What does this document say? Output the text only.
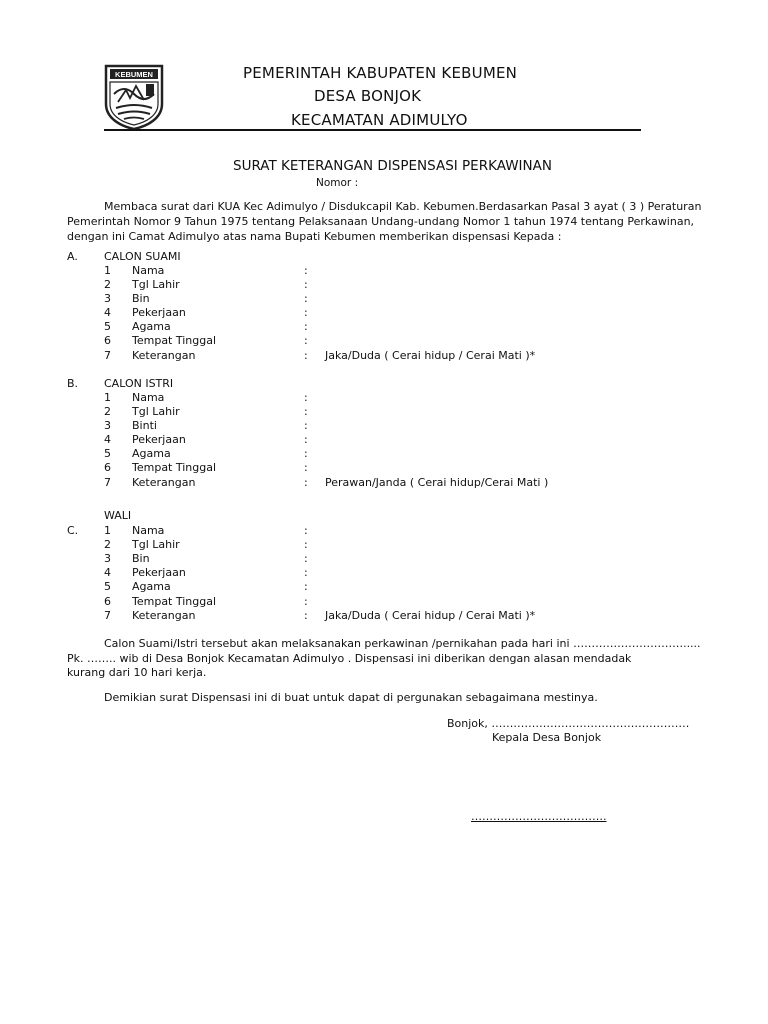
KEBUMEN	PEMERINTAH KABUPATEN KEBUMEN
DESA BONJOK
KECAMATAN ADIMULYO
SURAT KETERANGAN DISPENSASI PERKAWINAN
Nomor :
Membaca surat dari KUA Kec Adimulyo / Disdukcapil Kab. Kebumen.Berdasarkan Pasal 3 ayat ( 3 ) Peraturan
Pemerintah Nomor 9 Tahun 1975 tentang Pelaksanaan Undang-undang Nomor 1 tahun 1974 tentang Perkawinan,
dengan ini Camat Adimulyo atas nama Bupati Kebumen memberikan dispensasi Kepada :
A. CALON SUAMI
1 Nama	:
2 Tgl Lahir	:
3 Bin	:
4 Pekerjaan	:
5 Agama	:
6 Tempat Tinggal	:
7 Keterangan	: Jaka/Duda ( Cerai hidup / Cerai Mati )*
B. CALON ISTRI
1 Nama	:
2 Tgl Lahir	:
3 Binti	:
4 Pekerjaan	:
5 Agama	:
6 Tempat Tinggal	:
7 Keterangan	: Perawan/Janda ( Cerai hidup/Cerai Mati )
WALI
C. 1 Nama	:
2 Tgl Lahir	:
3 Bin	:
4 Pekerjaan	:
5 Agama	:
6 Tempat Tinggal	:
7 Keterangan	: Jaka/Duda ( Cerai hidup / Cerai Mati )*
Calon Suami/Istri tersebut akan melaksanakan perkawinan /pernikahan pada hari ini ………………………….....
Pk. …….. wib di Desa Bonjok Kecamatan Adimulyo . Dispensasi ini diberikan dengan alasan mendadak
kurang dari 10 hari kerja.
Demikian surat Dispensasi ini di buat untuk dapat di pergunakan sebagaimana mestinya.
Bonjok, ………………………………………………
Kepala Desa Bonjok
……………………………….
